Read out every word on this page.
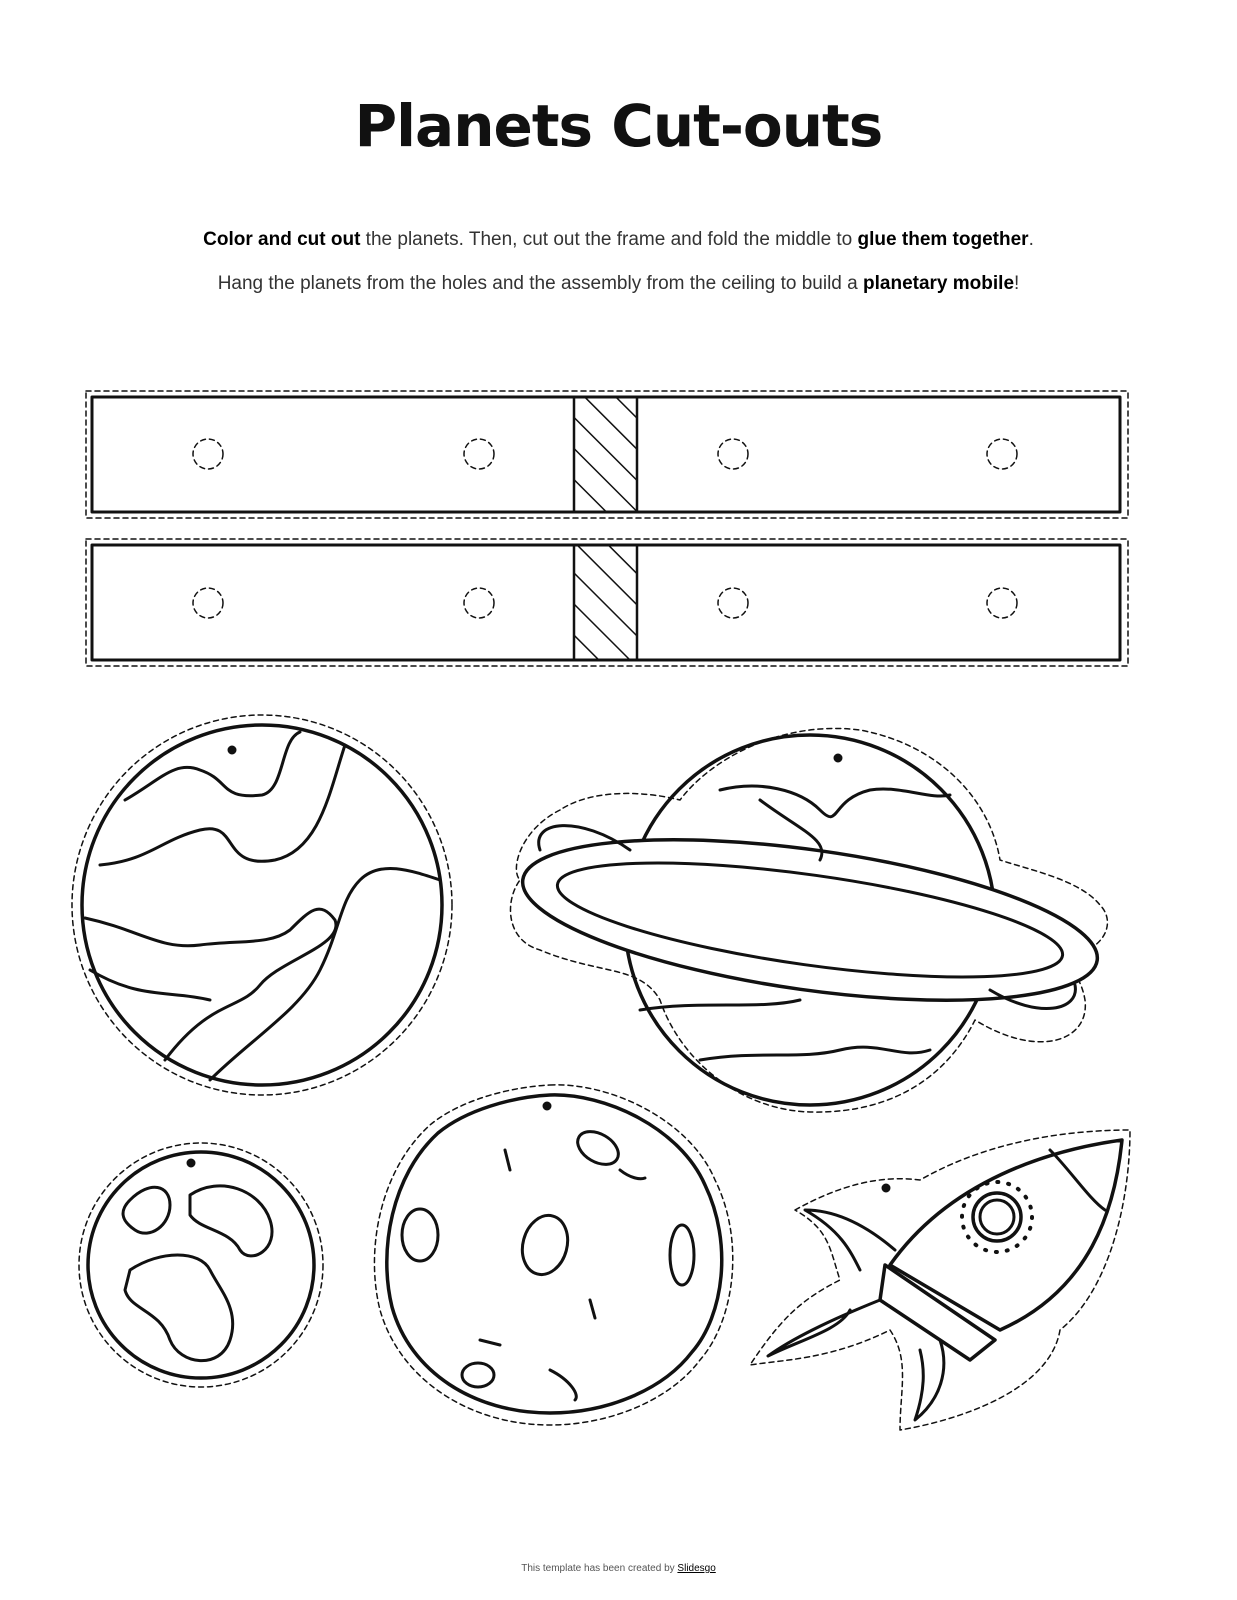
Planets Cut-outs
Color and cut out the planets. Then, cut out the frame and fold the middle to glue them together.
Hang the planets from the holes and the assembly from the ceiling to build a planetary mobile!
This template has been created by Slidesgo
